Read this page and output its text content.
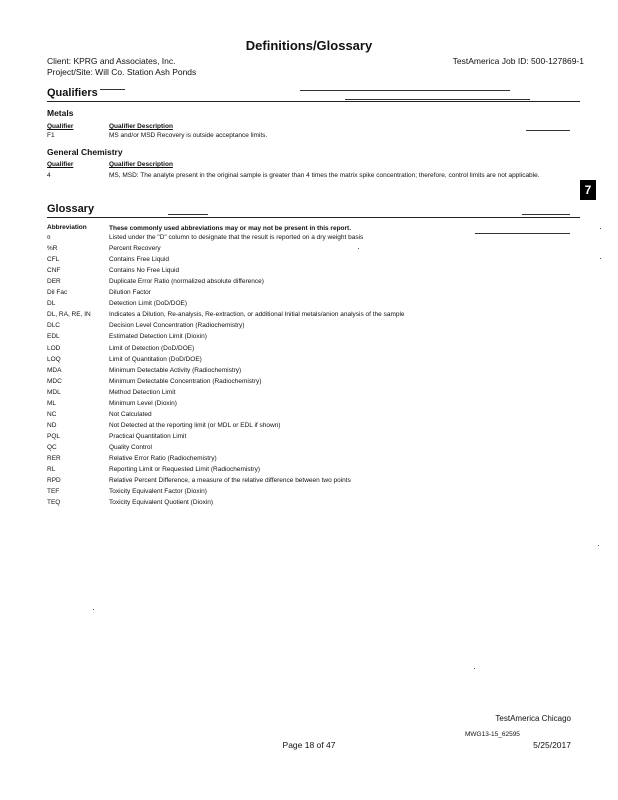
Definitions/Glossary
Client: KPRG and Associates, Inc.
Project/Site: Will Co. Station Ash Ponds
TestAmerica Job ID: 500-127869-1
Qualifiers
Metals
Qualifier	Qualifier Description
F1	MS and/or MSD Recovery is outside acceptance limits.
General Chemistry
Qualifier	Qualifier Description
4	MS, MSD: The analyte present in the original sample is greater than 4 times the matrix spike concentration; therefore, control limits are not applicable.
Glossary
Abbreviation	These commonly used abbreviations may or may not be present in this report.
¤	Listed under the "D" column to designate that the result is reported on a dry weight basis
%R	Percent Recovery
CFL	Contains Free Liquid
CNF	Contains No Free Liquid
DER	Duplicate Error Ratio (normalized absolute difference)
Dil Fac	Dilution Factor
DL	Detection Limit (DoD/DOE)
DL, RA, RE, IN	Indicates a Dilution, Re-analysis, Re-extraction, or additional Initial metals/anion analysis of the sample
DLC	Decision Level Concentration (Radiochemistry)
EDL	Estimated Detection Limit (Dioxin)
LOD	Limit of Detection (DoD/DOE)
LOQ	Limit of Quantitation (DoD/DOE)
MDA	Minimum Detectable Activity (Radiochemistry)
MDC	Minimum Detectable Concentration (Radiochemistry)
MDL	Method Detection Limit
ML	Minimum Level (Dioxin)
NC	Not Calculated
ND	Not Detected at the reporting limit (or MDL or EDL if shown)
PQL	Practical Quantitation Limit
QC	Quality Control
RER	Relative Error Ratio (Radiochemistry)
RL	Reporting Limit or Requested Limit (Radiochemistry)
RPD	Relative Percent Difference, a measure of the relative difference between two points
TEF	Toxicity Equivalent Factor (Dioxin)
TEQ	Toxicity Equivalent Quotient (Dioxin)
7
TestAmerica Chicago
MWG13-15_62595
Page 18 of 47	5/25/2017
